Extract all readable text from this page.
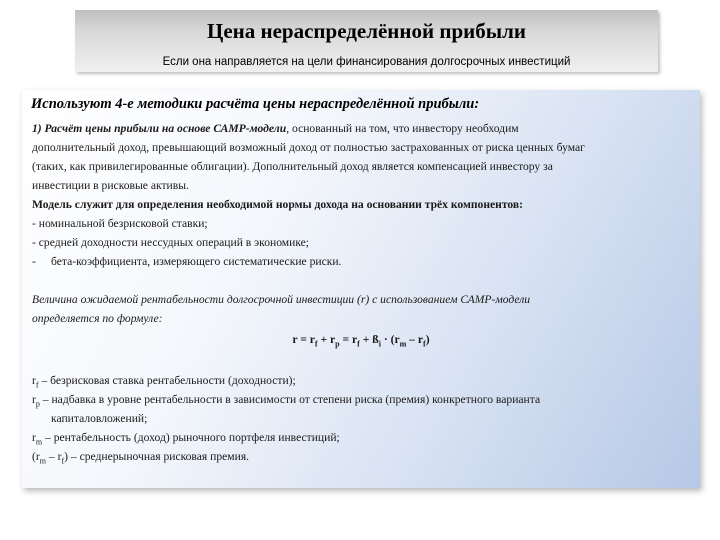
Цена нераспределённой прибыли
Если она направляется на цели финансирования долгосрочных инвестиций
Используют 4-е методики расчёта цены нераспределённой прибыли:
1) Расчёт цены прибыли на основе САМР-модели, основанный на том, что инвестору необходим
дополнительный доход, превышающий возможный доход от полностью застрахованных от риска ценных бумаг
(таких, как привилегированные облигации). Дополнительный доход является компенсацией инвестору за
инвестиции в рисковые активы.
Модель служит для определения необходимой нормы дохода на основании трёх компонентов:
- номинальной безрисковой ставки;
- средней доходности нессудных операций в экономике;
- бета-коэффициента, измеряющего систематические риски.
Величина ожидаемой рентабельности долгосрочной инвестиции (r) с использованием САМР-модели
определяется по формуле:
$r = r_f + r_p = r_f$ + $ß_i \cdot (r_m - r_f)$
$r_f$ – безрисковая ставка рентабельности (доходности);
$r_p$ – надбавка в уровне рентабельности в зависимости от степени риска (премия) конкретного варианта
капиталовложений;
$r_m$ – рентабельность (доход) рыночного портфеля инвестиций;
$(r_m - r_f)$ – среднерыночная рисковая премия.
